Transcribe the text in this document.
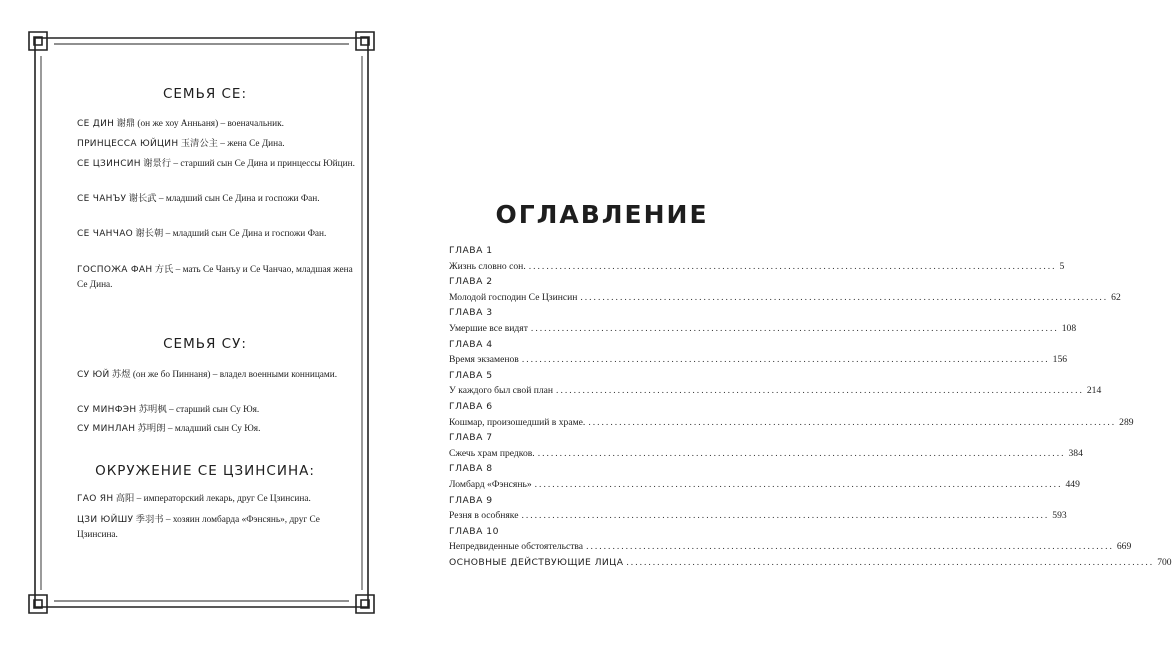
СЕМЬЯ СЕ:
СЕ ДИН 谢鼎 (он же хоу Анньаня) – военачальник.
ПРИНЦЕССА ЮЙЦИН 玉清公主 – жена Се Дина.
СЕ ЦЗИНСИН 谢景行 – старший сын Се Дина и принцессы Юйцин.
СЕ ЧАНЪУ 谢长武 – младший сын Се Дина и госпожи Фан.
СЕ ЧАНЧАО 谢长朝 – младший сын Се Дина и госпожи Фан.
ГОСПОЖА ФАН 方氏 – мать Се Чанъу и Се Чанчао, младшая жена Се Дина.
СЕМЬЯ СУ:
СУ ЮЙ 苏煜 (он же бо Пиннаня) – владел военными конницами.
СУ МИНФЭН 苏明枫 – старший сын Су Юя.
СУ МИНЛАН 苏明朗 – младший сын Су Юя.
ОКРУЖЕНИЕ СЕ ЦЗИНСИНА:
ГАО ЯН 高阳 – императорский лекарь, друг Се Цзинсина.
ЦЗИ ЮЙШУ 季羽书 – хозяин ломбарда «Фэнсянь», друг Се Цзинсина.
ОГЛАВЛЕНИЕ
ГЛАВА 1
Жизнь словно сон. ........................................................................................................................ 5
ГЛАВА 2
Молодой господин Се Цзинсин ........................................................................................................................ 62
ГЛАВА 3
Умершие все видят ........................................................................................................................ 108
ГЛАВА 4
Время экзаменов ........................................................................................................................ 156
ГЛАВА 5
У каждого был свой план ........................................................................................................................ 214
ГЛАВА 6
Кошмар, произошедший в храме. ........................................................................................................................ 289
ГЛАВА 7
Сжечь храм предков. ........................................................................................................................ 384
ГЛАВА 8
Ломбард «Фэнсянь» ........................................................................................................................ 449
ГЛАВА 9
Резня в особняке ........................................................................................................................ 593
ГЛАВА 10
Непредвиденные обстоятельства ........................................................................................................................ 669
ОСНОВНЫЕ ДЕЙСТВУЮЩИЕ ЛИЦА ........................................................................................................................ 700
